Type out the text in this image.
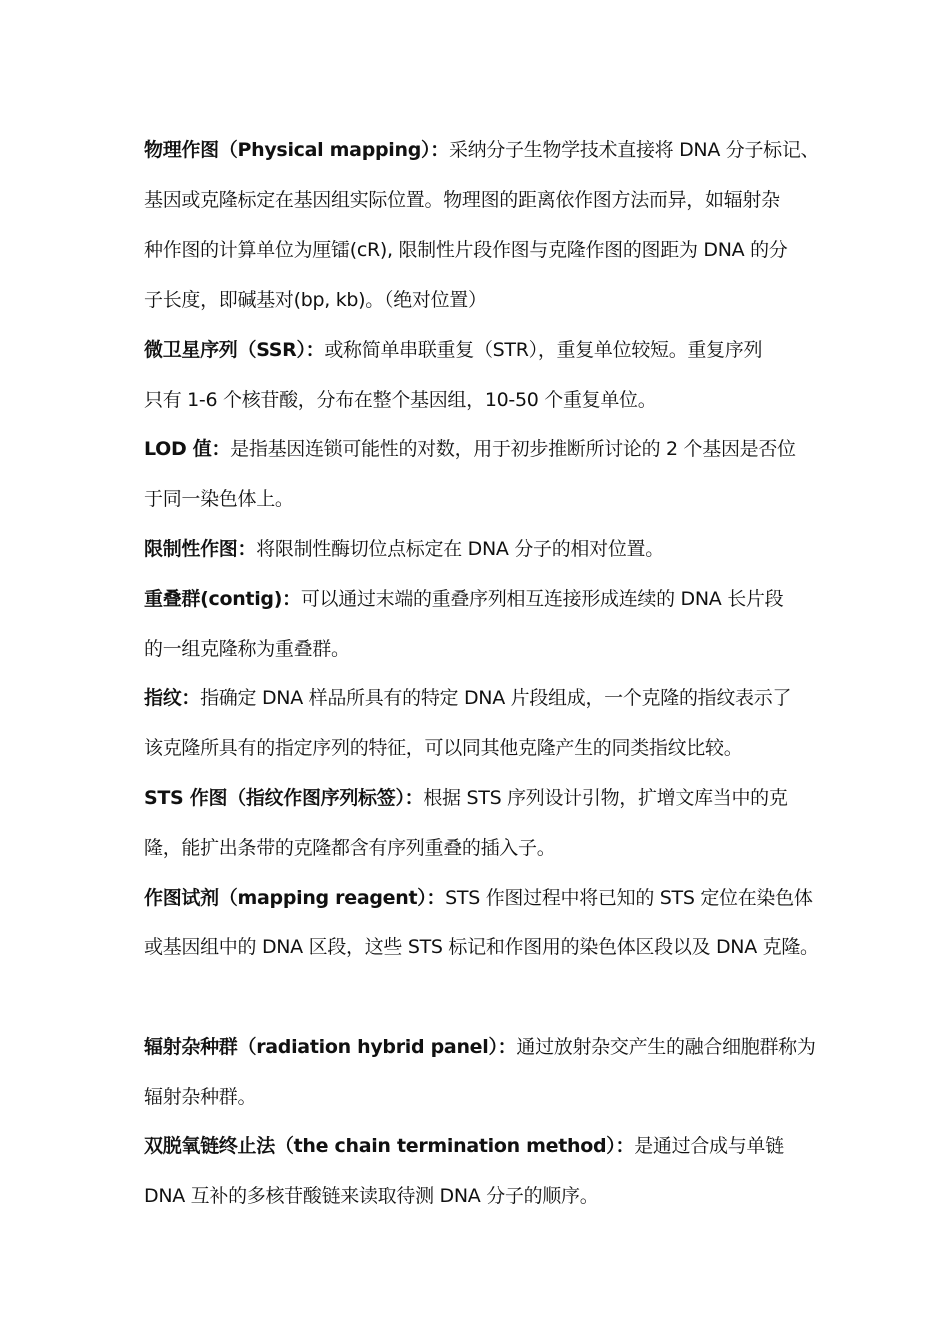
物理作图（Physical mapping）：采纳分子生物学技术直接将 DNA 分子标记、
基因或克隆标定在基因组实际位置。物理图的距离依作图方法而异，如辐射杂
种作图的计算单位为厘镭(cR), 限制性片段作图与克隆作图的图距为 DNA 的分
子长度，即碱基对(bp, kb)。（绝对位置）
微卫星序列（SSR）：或称简单串联重复（STR），重复单位较短。重复序列
只有 1-6 个核苷酸，分布在整个基因组，10-50 个重复单位。
LOD 值：是指基因连锁可能性的对数，用于初步推断所讨论的 2 个基因是否位
于同一染色体上。
限制性作图：将限制性酶切位点标定在 DNA 分子的相对位置。
重叠群(contig)：可以通过末端的重叠序列相互连接形成连续的 DNA 长片段
的一组克隆称为重叠群。
指纹：指确定 DNA 样品所具有的特定 DNA 片段组成，一个克隆的指纹表示了
该克隆所具有的指定序列的特征，可以同其他克隆产生的同类指纹比较。
STS 作图（指纹作图序列标签）：根据 STS 序列设计引物，扩增文库当中的克
隆，能扩出条带的克隆都含有序列重叠的插入子。
作图试剂（mapping reagent）：STS 作图过程中将已知的 STS 定位在染色体
或基因组中的 DNA 区段，这些 STS 标记和作图用的染色体区段以及 DNA 克隆。
辐射杂种群（radiation hybrid panel）：通过放射杂交产生的融合细胞群称为
辐射杂种群。
双脱氧链终止法（the chain termination method）：是通过合成与单链
DNA 互补的多核苷酸链来读取待测 DNA 分子的顺序。
